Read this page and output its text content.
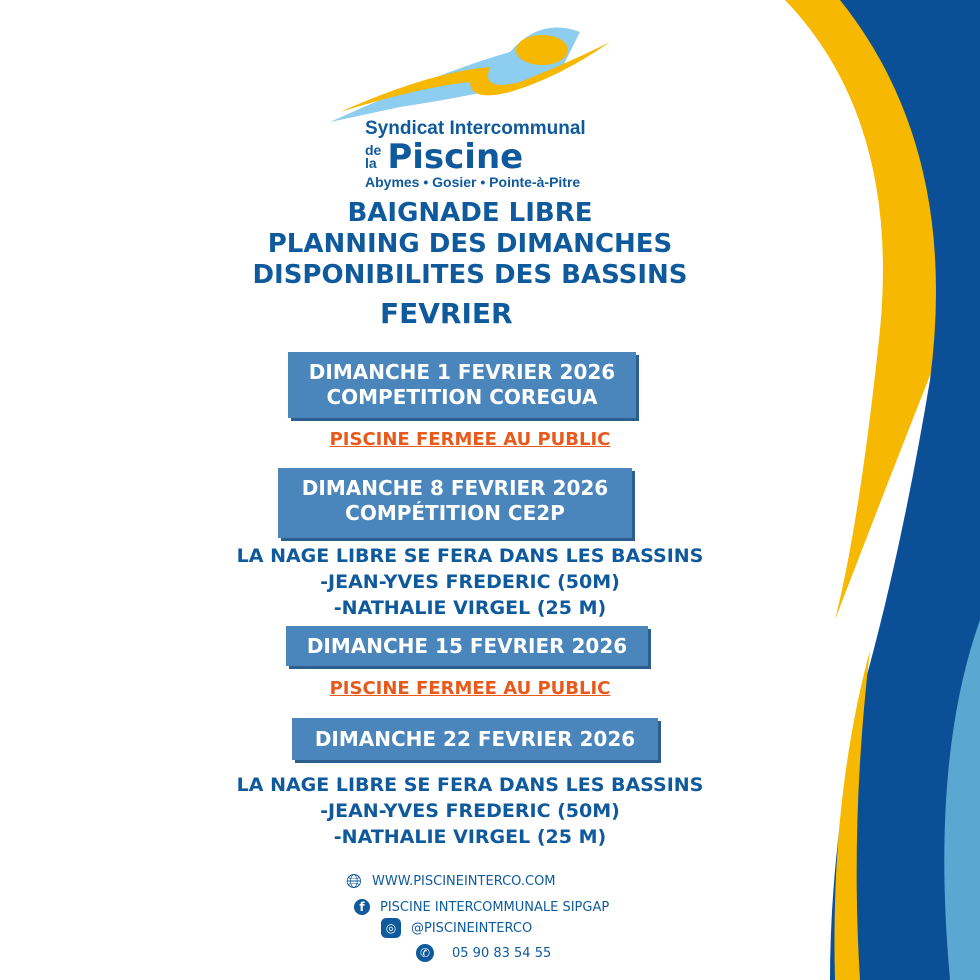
Syndicat Intercommunal
de
la Piscine
Abymes • Gosier • Pointe-à-Pitre
BAIGNADE LIBRE
PLANNING DES DIMANCHES
DISPONIBILITES DES BASSINS
FEVRIER
DIMANCHE 1 FEVRIER 2026
COMPETITION COREGUA
PISCINE FERMEE AU PUBLIC
DIMANCHE 8 FEVRIER 2026
COMPÉTITION CE2P
LA NAGE LIBRE SE FERA DANS LES BASSINS
-JEAN-YVES FREDERIC (50M)
-NATHALIE VIRGEL (25 M)
DIMANCHE 15 FEVRIER 2026
PISCINE FERMEE AU PUBLIC
DIMANCHE 22 FEVRIER 2026
LA NAGE LIBRE SE FERA DANS LES BASSINS
-JEAN-YVES FREDERIC (50M)
-NATHALIE VIRGEL (25 M)
🌐︎ WWW.PISCINEINTERCO.COM
f	PISCINE INTERCOMMUNALE SIPGAP
◎	@PISCINEINTERCO
✆	05 90 83 54 55
